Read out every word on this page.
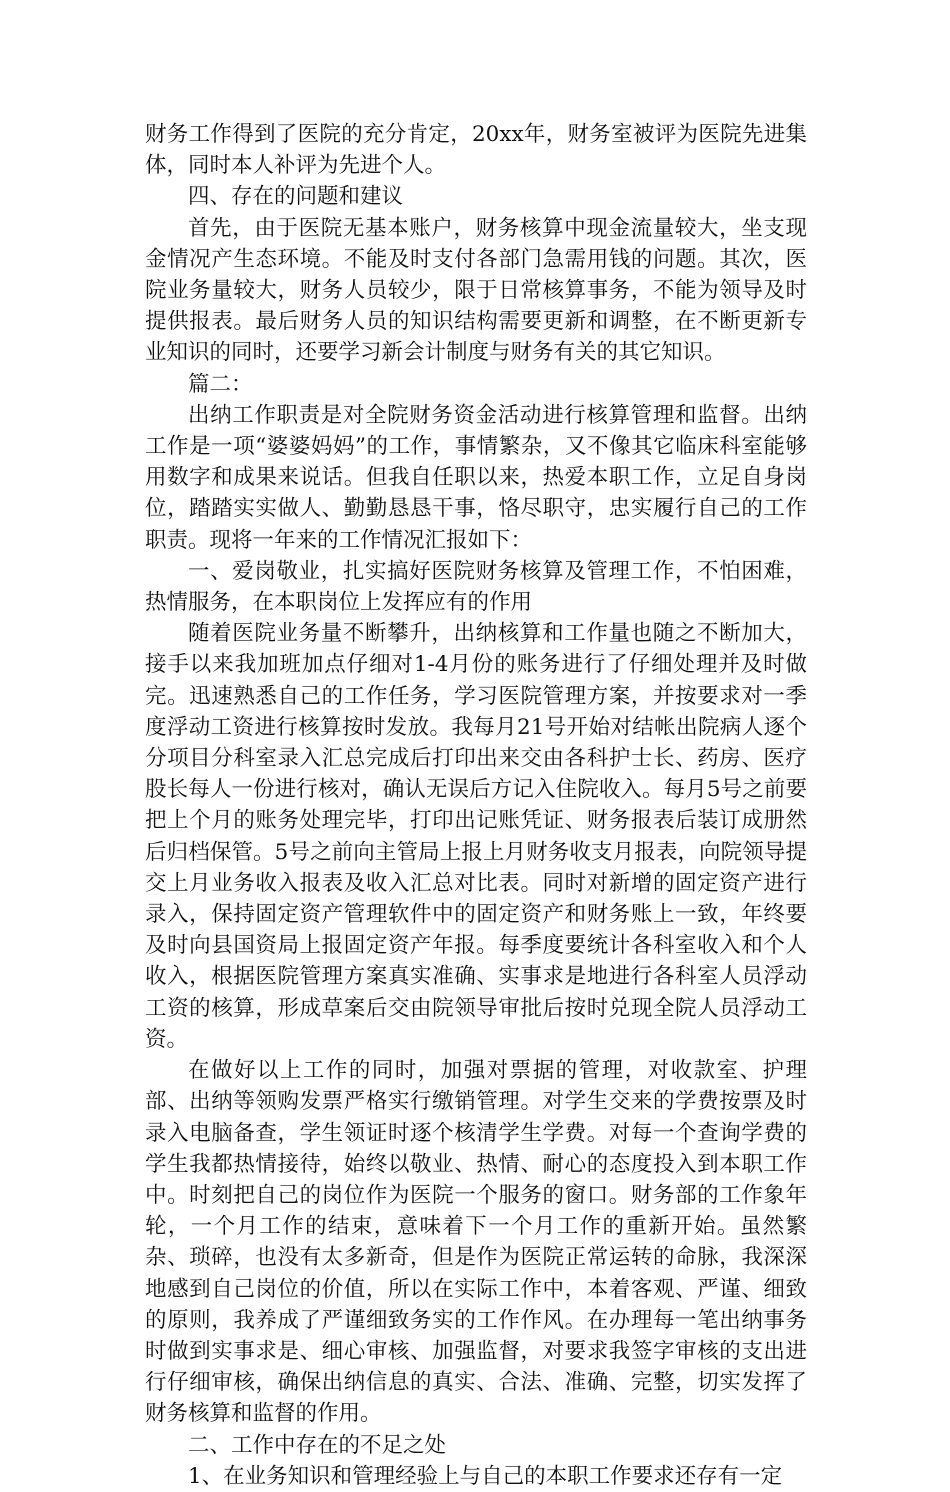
财务工作得到了医院的充分肯定，20xx年，财务室被评为医院先进集体，同时本人补评为先进个人。

四、存在的问题和建议

首先，由于医院无基本账户，财务核算中现金流量较大，坐支现金情况产生态环境。不能及时支付各部门急需用钱的问题。其次，医院业务量较大，财务人员较少，限于日常核算事务，不能为领导及时提供报表。最后财务人员的知识结构需要更新和调整，在不断更新专业知识的同时，还要学习新会计制度与财务有关的其它知识。

篇二：

出纳工作职责是对全院财务资金活动进行核算管理和监督。出纳工作是一项“婆婆妈妈”的工作，事情繁杂，又不像其它临床科室能够用数字和成果来说话。但我自任职以来，热爱本职工作，立足自身岗位，踏踏实实做人、勤勤恳恳干事，恪尽职守，忠实履行自己的工作职责。现将一年来的工作情况汇报如下：

一、爱岗敬业，扎实搞好医院财务核算及管理工作，不怕困难，热情服务，在本职岗位上发挥应有的作用

随着医院业务量不断攀升，出纳核算和工作量也随之不断加大，接手以来我加班加点仔细对1-4月份的账务进行了仔细处理并及时做完。迅速熟悉自己的工作任务，学习医院管理方案，并按要求对一季度浮动工资进行核算按时发放。我每月21号开始对结帐出院病人逐个分项目分科室录入汇总完成后打印出来交由各科护士长、药房、医疗股长每人一份进行核对，确认无误后方记入住院收入。每月5号之前要把上个月的账务处理完毕，打印出记账凭证、财务报表后装订成册然后归档保管。5号之前向主管局上报上月财务收支月报表，向院领导提交上月业务收入报表及收入汇总对比表。同时对新增的固定资产进行录入，保持固定资产管理软件中的固定资产和财务账上一致，年终要及时向县国资局上报固定资产年报。每季度要统计各科室收入和个人收入，根据医院管理方案真实准确、实事求是地进行各科室人员浮动工资的核算，形成草案后交由院领导审批后按时兑现全院人员浮动工资。

在做好以上工作的同时，加强对票据的管理，对收款室、护理部、出纳等领购发票严格实行缴销管理。对学生交来的学费按票及时录入电脑备查，学生领证时逐个核清学生学费。对每一个查询学费的学生我都热情接待，始终以敬业、热情、耐心的态度投入到本职工作中。时刻把自己的岗位作为医院一个服务的窗口。财务部的工作象年轮，一个月工作的结束，意味着下一个月工作的重新开始。虽然繁杂、琐碎，也没有太多新奇，但是作为医院正常运转的命脉，我深深地感到自己岗位的价值，所以在实际工作中，本着客观、严谨、细致的原则，我养成了严谨细致务实的工作作风。在办理每一笔出纳事务时做到实事求是、细心审核、加强监督，对要求我签字审核的支出进行仔细审核，确保出纳信息的真实、合法、准确、完整，切实发挥了财务核算和监督的作用。

二、工作中存在的不足之处

1、在业务知识和管理经验上与自己的本职工作要求还存有一定
